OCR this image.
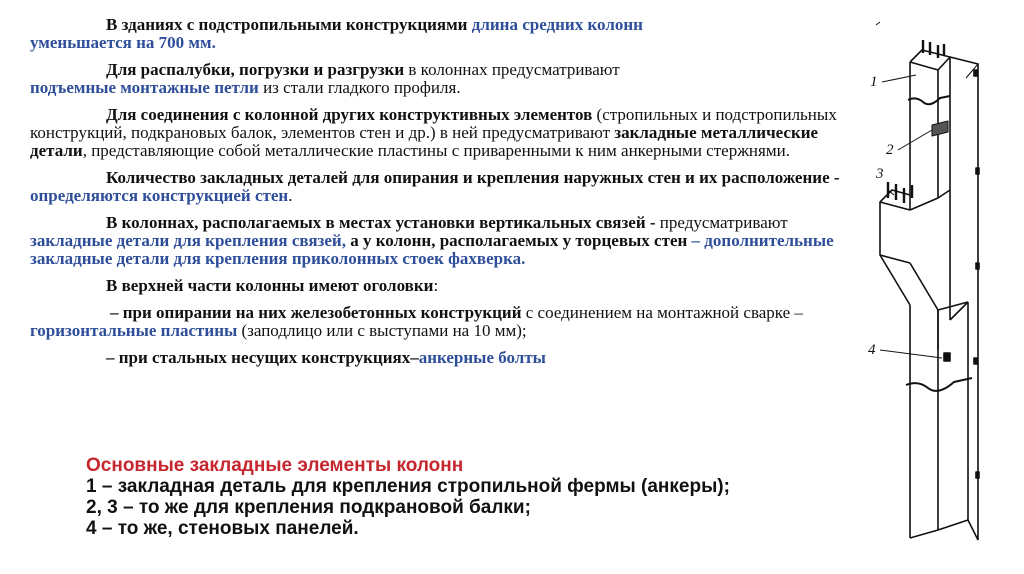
В зданиях с подстропильными конструкциями длина средних колонн
уменьшается на 700 мм.

Для распалубки, погрузки и разгрузки в колоннах предусматривают
подъемные монтажные петли из стали гладкого профиля.

Для соединения с колонной других конструктивных элементов (стропильных и подстропильных конструкций, подкрановых балок, элементов стен и др.) в ней предусматривают закладные металлические детали, представляющие собой металлические пластины с приваренными к ним анкерными стержнями.

Количество закладных деталей для опирания и крепления наружных стен и их расположение - определяются конструкцией стен.

В колоннах, располагаемых в местах установки вертикальных связей - предусматривают закладные детали для крепления связей, а у колонн, располагаемых у торцевых стен – дополнительные закладные детали для крепления приколонных стоек фахверка.

В верхней части колонны имеют оголовки:

– при опирании на них железобетонных конструкций с соединением на монтажной сварке – горизонтальные пластины (заподлицо или с выступами на 10 мм);

– при стальных несущих конструкциях–анкерные болты

Основные закладные элементы колонн
1 – закладная деталь для крепления стропильной фермы (анкеры);
2, 3 – то же для крепления подкрановой балки;
4 – то же, стеновых панелей.
1
2
3
4
